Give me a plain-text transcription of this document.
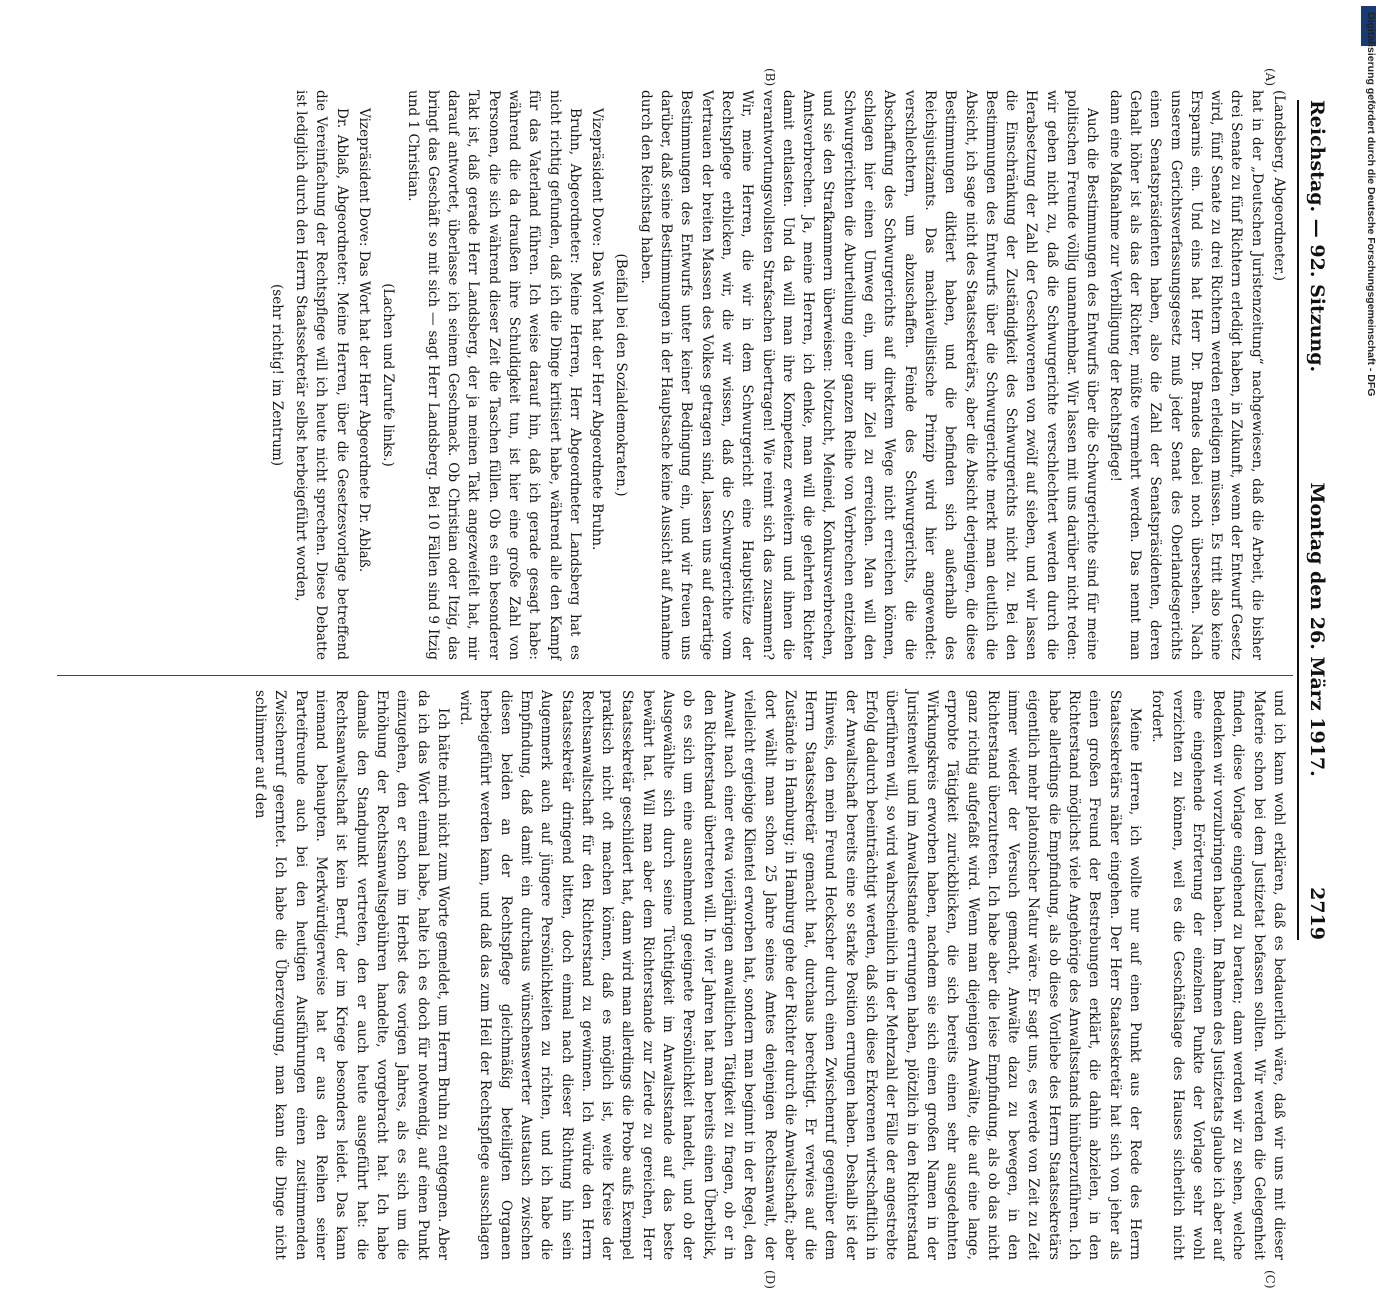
Reichstag. — 92. Sitzung.
Montag den 26. März 1917.
2719
(A)
(B)
(C)
(D)

(Landsberg, Abgeordneter.)

hat in der „Deutschen Juristenzeitung“ nachgewiesen, daß die Arbeit, die bisher drei Senate zu fünf Richtern erledigt haben, in Zukunft, wenn der Entwurf Gesetz wird, fünf Senate zu drei Richtern werden erledigen müssen. Es tritt also keine Ersparnis ein. Und eins hat Herr Dr. Brandes dabei noch übersehen. Nach unserem Gerichtsverfassungsgesetz muß jeder Senat des Oberlandesgerichts einen Senatspräsidenten haben, also die Zahl der Senatspräsidenten, deren Gehalt höher ist als das der Richter, müßte vermehrt werden. Das nennt man dann eine Maßnahme zur Verbilligung der Rechtspflege!

Auch die Bestimmungen des Entwurfs über die Schwurgerichte sind für meine politischen Freunde völlig unannehmbar. Wir lassen mit uns darüber nicht reden: wir geben nicht zu, daß die Schwurgerichte verschlechtert werden durch die Herabsetzung der Zahl der Geschworenen von zwölf auf sieben, und wir lassen die Einschränkung der Zuständigkeit des Schwurgerichts nicht zu. Bei den Bestimmungen des Entwurfs über die Schwurgerichte merkt man deutlich die Absicht, ich sage nicht des Staatssekretärs, aber die Absicht derjenigen, die diese Bestimmungen diktiert haben, und die befinden sich außerhalb des Reichsjustizamts. Das machiavellistische Prinzip wird hier angewendet: verschlechtern, um abzuschaffen. Feinde des Schwurgerichts, die die Abschaffung des Schwurgerichts auf direktem Wege nicht erreichen können, schlagen hier einen Umweg ein, um ihr Ziel zu erreichen. Man will den Schwurgerichten die Aburteilung einer ganzen Reihe von Verbrechen entziehen und sie den Strafkammern überweisen: Notzucht, Meineid, Konkursverbrechen, Amtsverbrechen. Ja, meine Herren, ich denke, man will die gelehrten Richter damit entlasten. Und da will man ihre Kompetenz erweitern und ihnen die verantwortungsvollsten Strafsachen übertragen! Wie reimt sich das zusammen? Wir, meine Herren, die wir in dem Schwurgericht eine Hauptstütze der Rechtspflege erblicken, wir, die wir wissen, daß die Schwurgerichte vom Vertrauen der breiten Massen des Volkes getragen sind, lassen uns auf derartige Bestimmungen des Entwurfs unter keiner Bedingung ein, und wir freuen uns darüber, daß seine Bestimmungen in der Hauptsache keine Aussicht auf Annahme durch den Reichstag haben.

(Beifall bei den Sozialdemokraten.)

Vizepräsident Dove: Das Wort hat der Herr Abgeordnete Bruhn.

Bruhn, Abgeordneter: Meine Herren, Herr Abgeordneter Landsberg hat es nicht richtig gefunden, daß ich die Dinge kritisiert habe, während alle den Kampf für das Vaterland führen. Ich weise darauf hin, daß ich gerade gesagt habe: während die da draußen ihre Schuldigkeit tun, ist hier eine große Zahl von Personen, die sich während dieser Zeit die Taschen füllen. Ob es ein besonderer Takt ist, daß gerade Herr Landsberg, der ja meinen Takt angezweifelt hat, mir darauf antwortet, überlasse ich seinem Geschmack. Ob Christian oder Itzig, das bringt das Geschäft so mit sich — sagt Herr Landsberg. Bei 10 Fällen sind 9 Itzig und 1 Christian.

(Lachen und Zurufe links.)

Vizepräsident Dove: Das Wort hat der Herr Abgeordnete Dr. Ablaß.

Dr. Ablaß, Abgeordneter: Meine Herren, über die Gesetzesvorlage betreffend die Vereinfachung der Rechtspflege will ich heute nicht sprechen. Diese Debatte ist lediglich durch den Herrn Staatssekretär selbst herbeigeführt worden,

(sehr richtig! im Zentrum)

und ich kann wohl erklären, daß es bedauerlich wäre, daß wir uns mit dieser Materie schon bei dem Justizetat befassen sollten. Wir werden die Gelegenheit finden, diese Vorlage eingehend zu beraten; dann werden wir zu sehen, welche Bedenken wir vorzubringen haben. Im Rahmen des Justizetats glaube ich aber auf eine eingehende Erörterung der einzelnen Punkte der Vorlage sehr wohl verzichten zu können, weil es die Geschäftslage des Hauses sicherlich nicht fordert.

Meine Herren, ich wollte nur auf einen Punkt aus der Rede des Herrn Staatssekretärs näher eingehen. Der Herr Staatssekretär hat sich von jeher als einen großen Freund der Bestrebungen erklärt, die dahin abzielen, in den Richterstand möglichst viele Angehörige des Anwaltsstands hinüberzuführen. Ich habe allerdings die Empfindung, als ob diese Vorliebe des Herrn Staatssekretärs eigentlich mehr platonischer Natur wäre. Er sagt uns, es werde von Zeit zu Zeit immer wieder der Versuch gemacht, Anwälte dazu zu bewegen, in den Richterstand überzutreten. Ich habe aber die leise Empfindung, als ob das nicht ganz richtig aufgefaßt wird. Wenn man diejenigen Anwälte, die auf eine lange, erprobte Tätigkeit zurückblicken, die sich bereits einen sehr ausgedehnten Wirkungskreis erworben haben, nachdem sie sich einen großen Namen in der Juristenwelt und im Anwaltsstande errungen haben, plötzlich in den Richterstand überführen will, so wird wahrscheinlich in der Mehrzahl der Fälle der angestrebte Erfolg dadurch beeinträchtigt werden, daß sich diese Erkorenen wirtschaftlich in der Anwaltschaft bereits eine so starke Position errungen haben. Deshalb ist der Hinweis, den mein Freund Heckscher durch einen Zwischenruf gegenüber dem Herrn Staatssekretär gemacht hat, durchaus berechtigt. Er verwies auf die Zustände in Hamburg; in Hamburg gehe der Richter durch die Anwaltschaft; aber dort wählt man schon 25 Jahre seines Amtes denjenigen Rechtsanwalt, der vielleicht ergiebige Klientel erworben hat, sondern man beginnt in der Regel, den Anwalt nach einer etwa vierjährigen anwaltlichen Tätigkeit zu fragen, ob er in den Richterstand übertreten will. In vier Jahren hat man bereits einen Überblick, ob es sich um eine ausnehmend geeignete Persönlichkeit handelt, und ob der Ausgewählte sich durch seine Tüchtigkeit im Anwaltsstande auf das beste bewährt hat. Will man aber dem Richterstande zur Zierde zu gereichen, Herr Staatssekretär geschildert hat, dann wird man allerdings die Probe aufs Exempel praktisch nicht oft machen können, daß es möglich ist, weite Kreise der Rechtsanwaltschaft für den Richterstand zu gewinnen. Ich würde den Herrn Staatssekretär dringend bitten, doch einmal nach dieser Richtung hin sein Augenmerk auch auf jüngere Persönlichkeiten zu richten, und ich habe die Empfindung, daß damit ein durchaus wünschenswerter Austausch zwischen diesen beiden an der Rechtspflege gleichmäßig beteiligten Organen herbeigeführt werden kann, und daß das zum Heil der Rechtspflege ausschlagen wird.

Ich hätte mich nicht zum Worte gemeldet, um Herrn Bruhn zu entgegnen. Aber da ich das Wort einmal habe, halte ich es doch für notwendig, auf einen Punkt einzugehen, den er schon im Herbst des vorigen Jahres, als es sich um die Erhöhung der Rechtsanwaltsgebühren handelte, vorgebracht hat. Ich habe damals den Standpunkt vertreten, den er auch heute ausgeführt hat: die Rechtsanwaltschaft ist kein Beruf, der im Kriege besonders leidet. Das kann niemand behaupten. Merkwürdigerweise hat er aus den Reihen seiner Parteifreunde auch bei den heutigen Ausführungen einen zustimmenden Zwischenruf geerntet. Ich habe die Überzeugung, man kann die Dinge nicht schlimmer auf den

Digitalisierung gefördert durch die Deutsche Forschungsgemeinschaft - DFG
